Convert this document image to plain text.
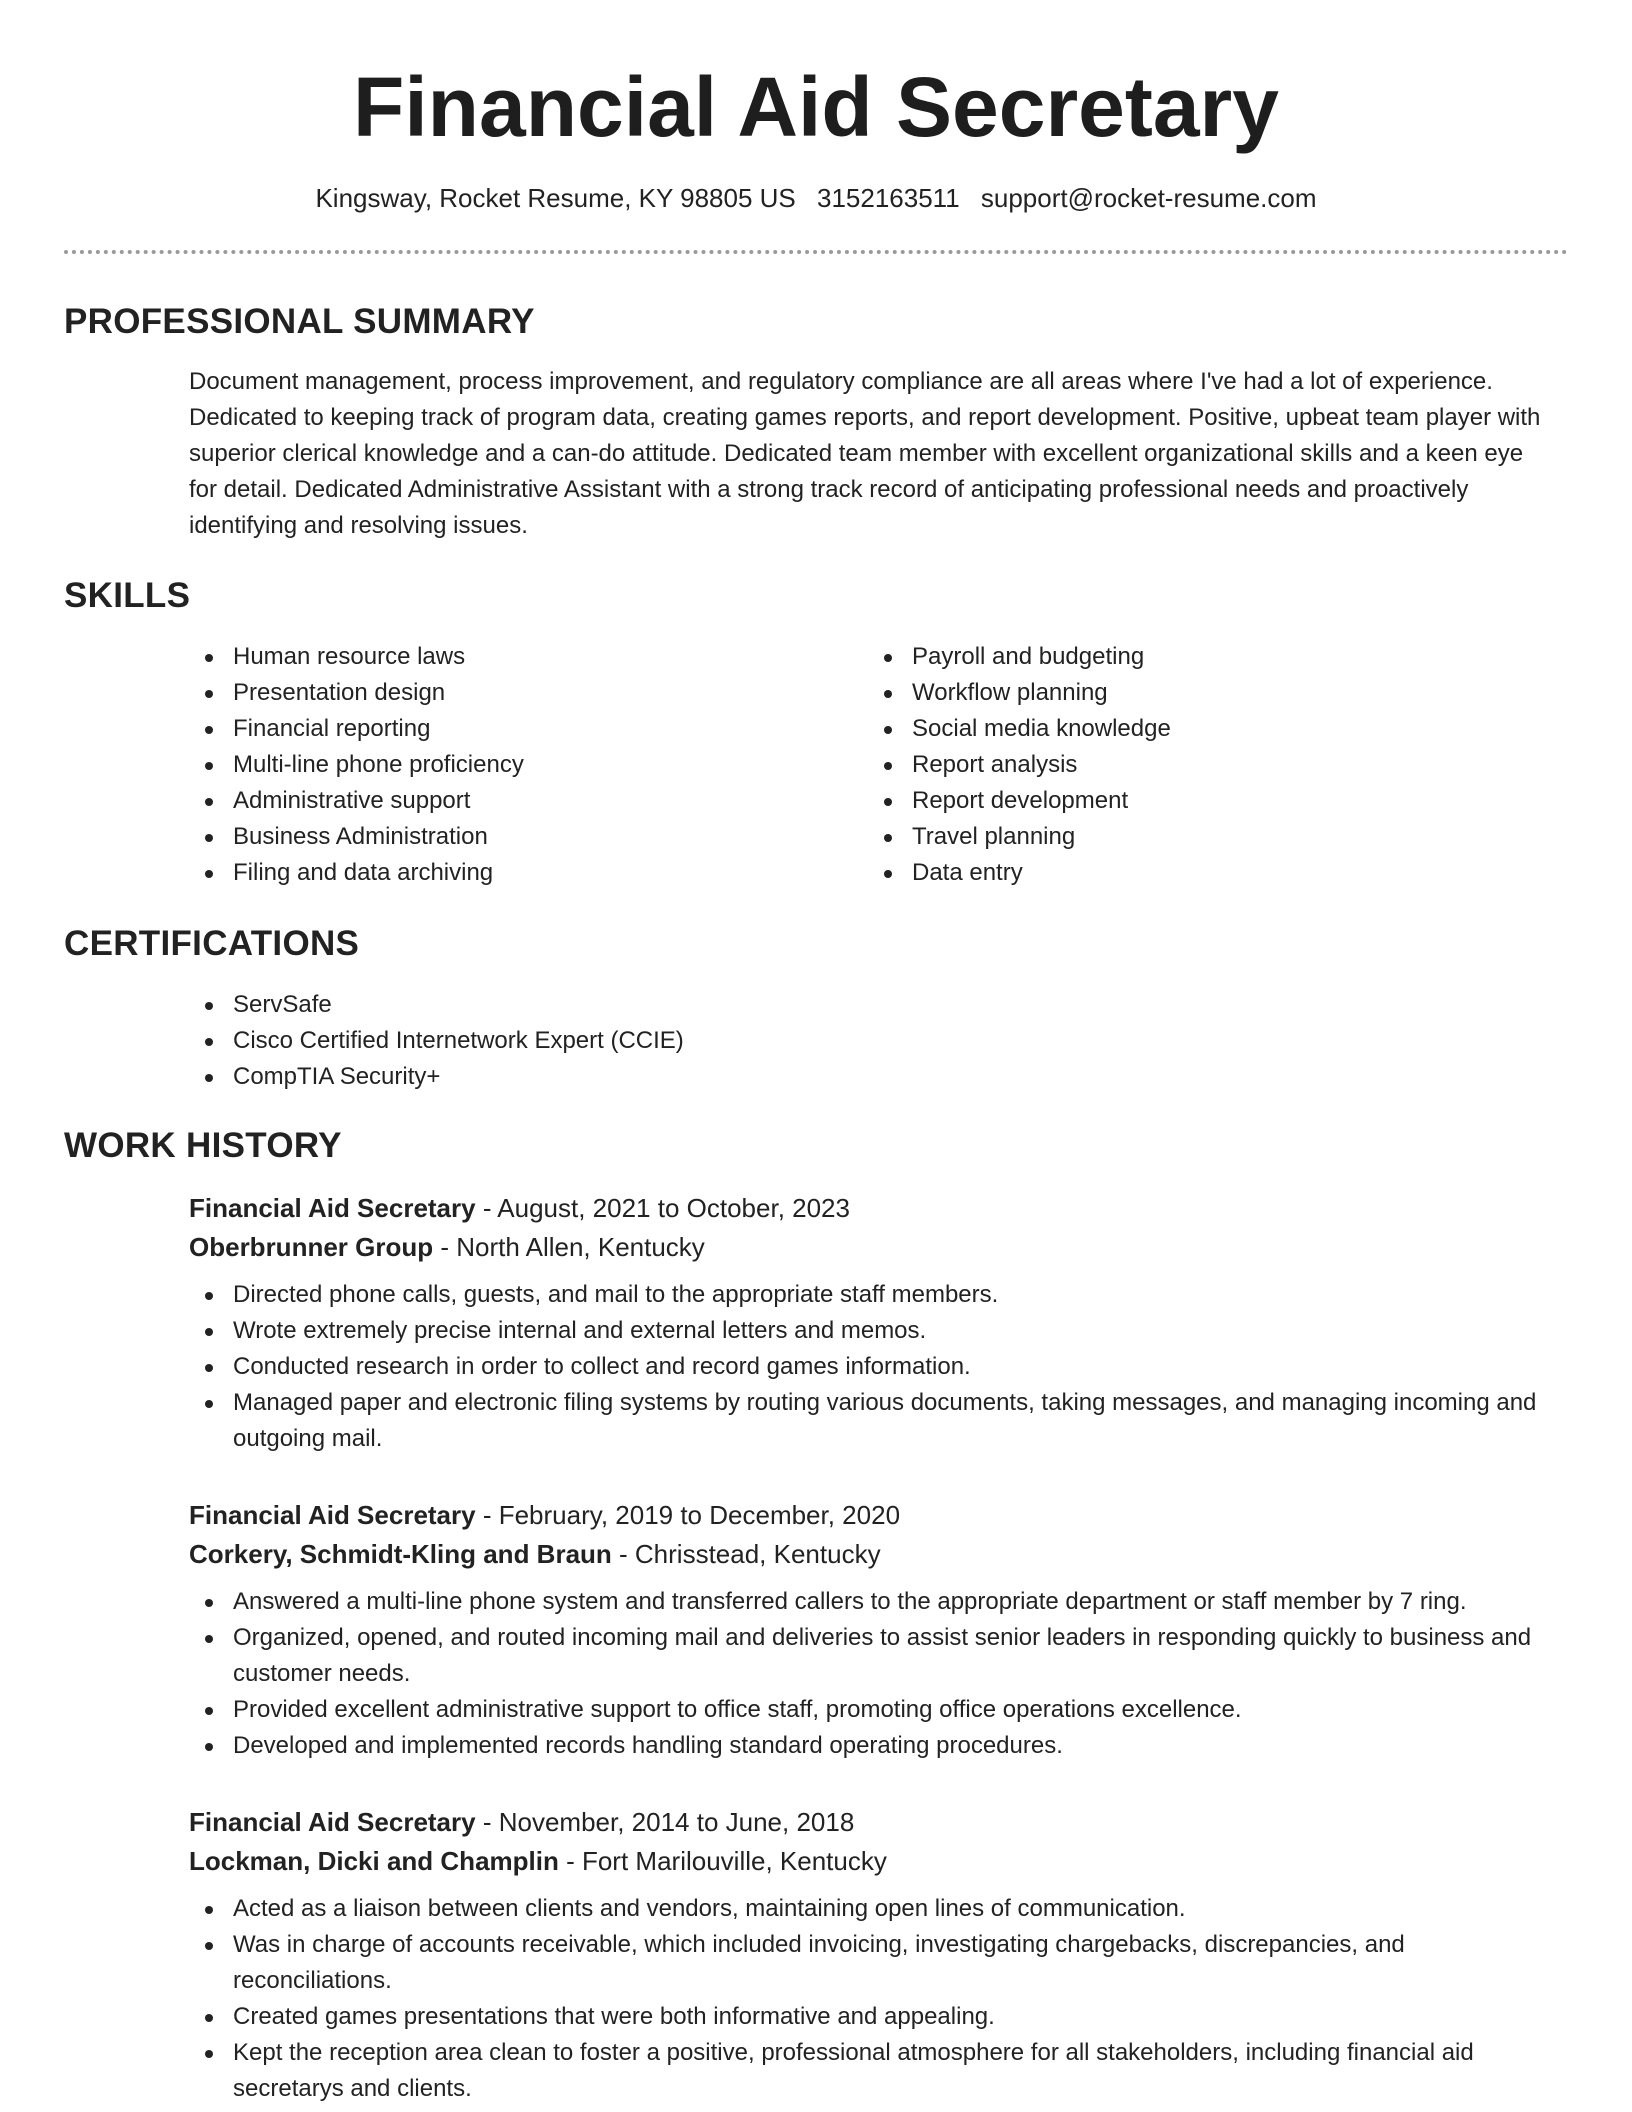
Financial Aid Secretary
Kingsway, Rocket Resume, KY 98805 US 3152163511 support@rocket-resume.com
PROFESSIONAL SUMMARY

Document management, process improvement, and regulatory compliance are all areas where I've had a lot of experience. Dedicated to keeping track of program data, creating games reports, and report development. Positive, upbeat team player with superior clerical knowledge and a can-do attitude. Dedicated team member with excellent organizational skills and a keen eye for detail. Dedicated Administrative Assistant with a strong track record of anticipating professional needs and proactively identifying and resolving issues.

SKILLS
Human resource laws
Presentation design
Financial reporting
Multi-line phone proficiency
Administrative support
Business Administration
Filing and data archiving
Payroll and budgeting
Workflow planning
Social media knowledge
Report analysis
Report development
Travel planning
Data entry
CERTIFICATIONS
ServSafe
Cisco Certified Internetwork Expert (CCIE)
CompTIA Security+
WORK HISTORY
Financial Aid Secretary - August, 2021 to October, 2023
Oberbrunner Group - North Allen, Kentucky
Directed phone calls, guests, and mail to the appropriate staff members.
Wrote extremely precise internal and external letters and memos.
Conducted research in order to collect and record games information.
Managed paper and electronic filing systems by routing various documents, taking messages, and managing incoming and outgoing mail.
Financial Aid Secretary - February, 2019 to December, 2020
Corkery, Schmidt-Kling and Braun - Chrisstead, Kentucky
Answered a multi-line phone system and transferred callers to the appropriate department or staff member by 7 ring.
Organized, opened, and routed incoming mail and deliveries to assist senior leaders in responding quickly to business and customer needs.
Provided excellent administrative support to office staff, promoting office operations excellence.
Developed and implemented records handling standard operating procedures.
Financial Aid Secretary - November, 2014 to June, 2018
Lockman, Dicki and Champlin - Fort Marilouville, Kentucky
Acted as a liaison between clients and vendors, maintaining open lines of communication.
Was in charge of accounts receivable, which included invoicing, investigating chargebacks, discrepancies, and reconciliations.
Created games presentations that were both informative and appealing.
Kept the reception area clean to foster a positive, professional atmosphere for all stakeholders, including financial aid secretarys and clients.
